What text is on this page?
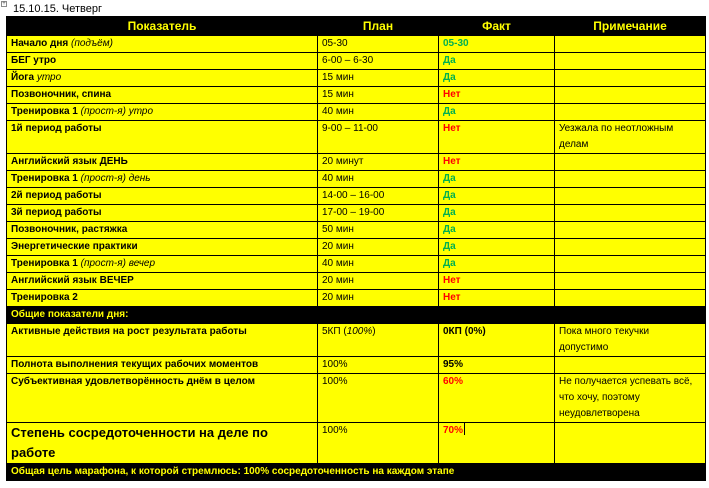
+ 15.10.15. Четверг
Показатель	План	Факт	Примечание
Начало дня (подъём)	05-30	05-30	
БЕГ утро	6-00 – 6-30	Да	
Йога утро	15 мин	Да	
Позвоночник, спина	15 мин	Нет	
Тренировка 1 (прост-я) утро	40 мин	Да	
1й период работы	9-00 – 11-00	Нет	Уезжала по неотложным делам
Английский язык ДЕНЬ	20 минут	Нет	
Тренировка 1 (прост-я) день	40 мин	Да	
2й период работы	14-00 – 16-00	Да	
3й период работы	17-00 – 19-00	Да	
Позвоночник, растяжка	50 мин	Да	
Энергетические практики	20 мин	Да	
Тренировка 1 (прост-я) вечер	40 мин	Да	
Английский язык ВЕЧЕР	20 мин	Нет	
Тренировка 2	20 мин	Нет	
Общие показатели дня:			
Активные действия на рост результата работы	5КП (100%)	0КП (0%)	Пока много текучки допустимо
Полнота выполнения текущих рабочих моментов	100%	95%	
Субъективная удовлетворённость днём в целом	100%	60%	Не получается успевать всё, что хочу, поэтому неудовлетворена
Степень сосредоточенности на деле по работе	100%	70%	
Общая цель марафона, к которой стремлюсь: 100% сосредоточенность на каждом этапе			
